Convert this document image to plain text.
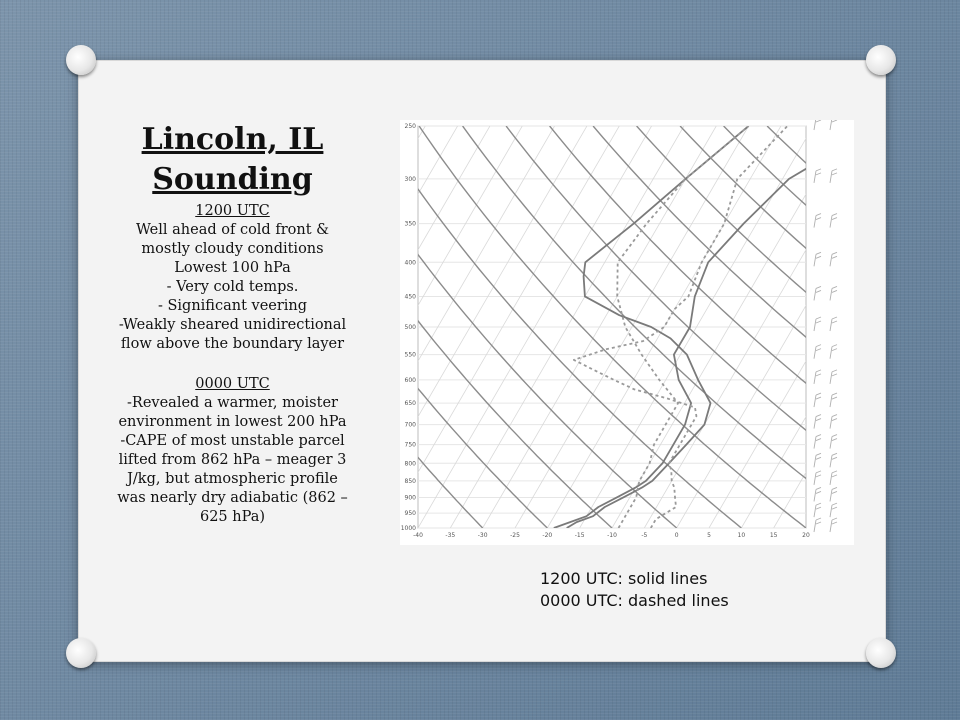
Lincoln, IL

Sounding

1200 UTC

Well ahead of cold front &

mostly cloudy conditions

Lowest 100 hPa

- Very cold temps.

- Significant veering

-Weakly sheared unidirectional

flow above the boundary layer

0000 UTC

-Revealed a warmer, moister

environment in lowest 200 hPa

-CAPE of most unstable parcel

lifted from 862 hPa – meager 3

J/kg, but atmospheric profile

was nearly dry adiabatic (862 –

625 hPa)

250
300
350
400
450
500
550
600
650
700
750
800
850
900
950
1000
-40	-35	-30	-25	-20	-15	-10	-5	0	5	10	15	20
1200 UTC: solid lines
0000 UTC: dashed lines
